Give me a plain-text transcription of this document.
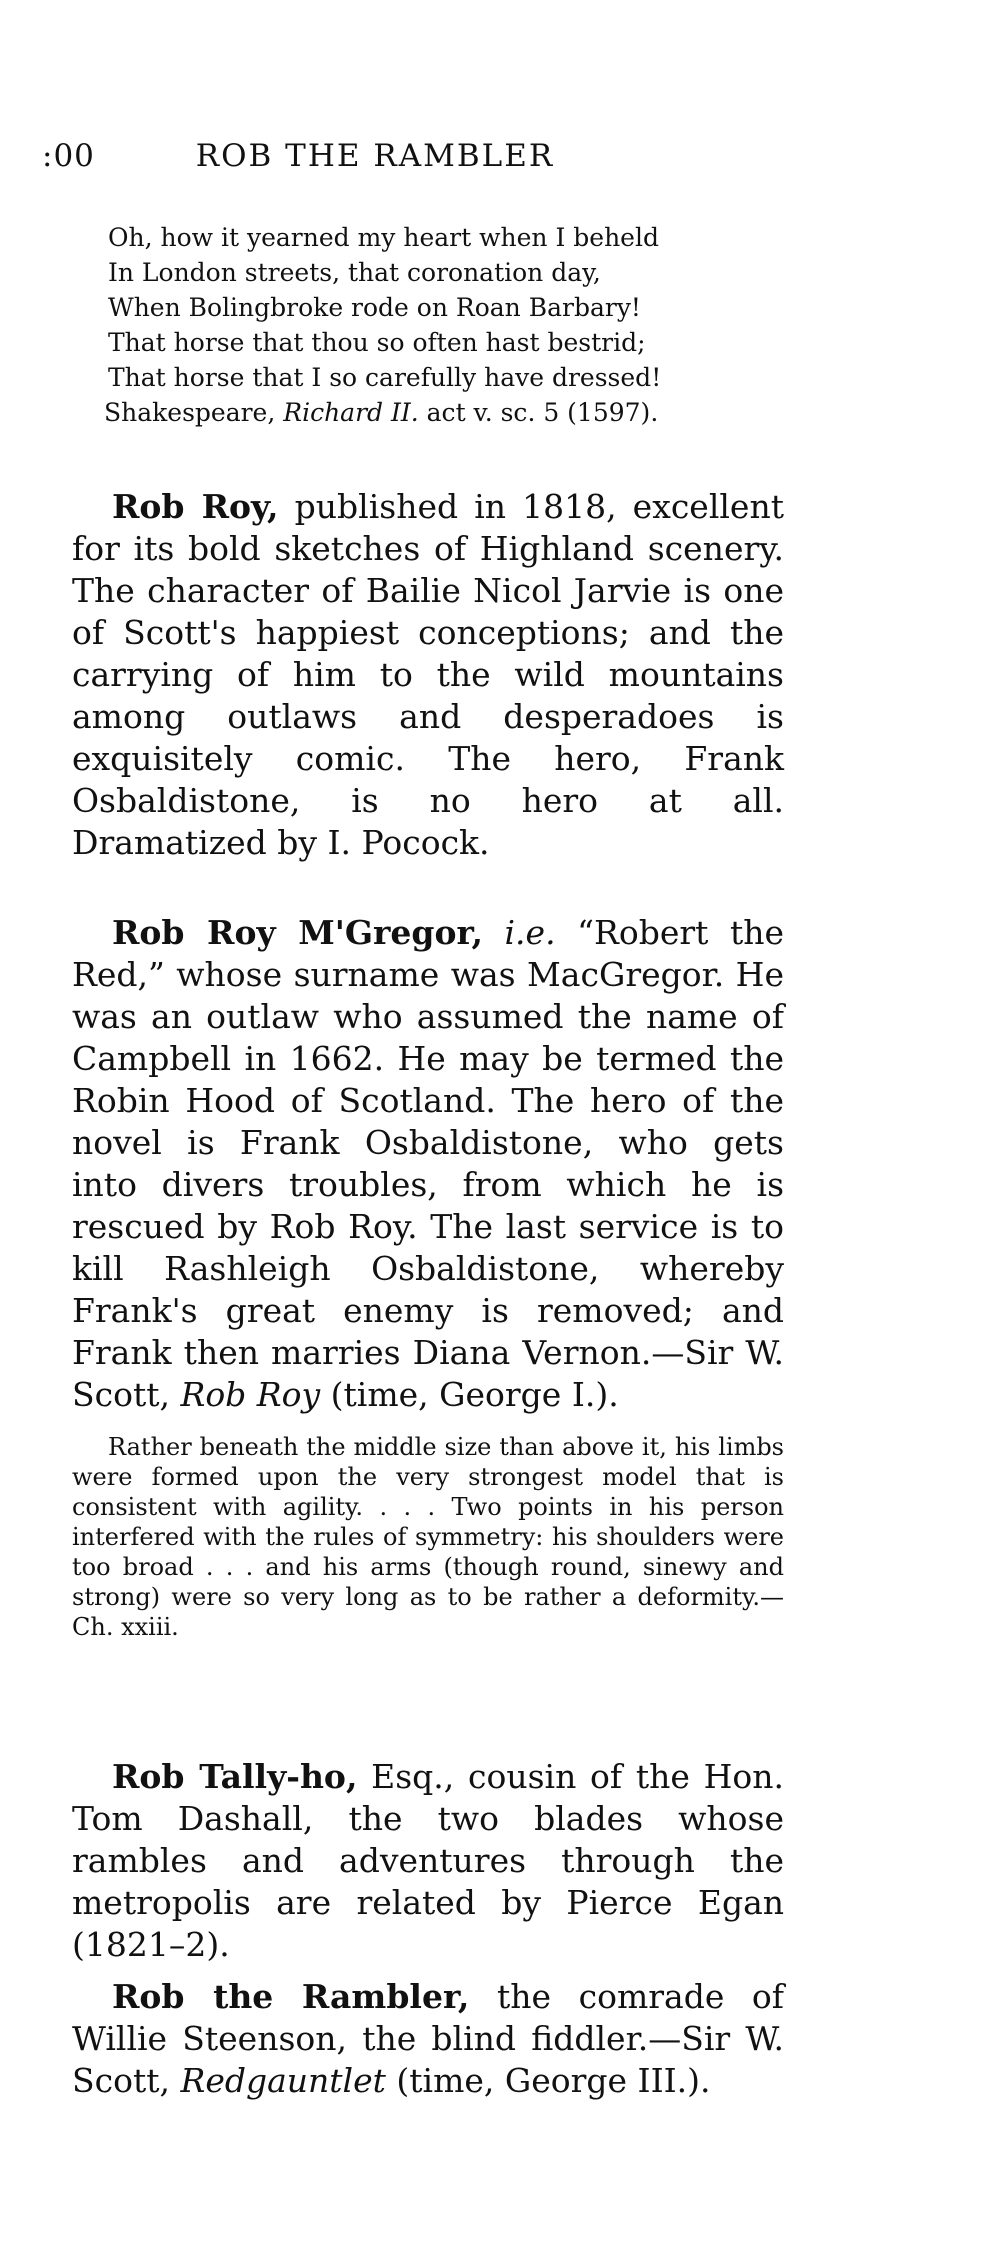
:00	ROB THE RAMBLER
Oh, how it yearned my heart when I beheld
In London streets, that coronation day,
When Bolingbroke rode on Roan Barbary!
That horse that thou so often hast bestrid;
That horse that I so carefully have dressed!
Shakespeare, Richard II. act v. sc. 5 (1597).

Rob Roy, published in 1818, excellent for its bold sketches of Highland scenery. The character of Bailie Nicol Jarvie is one of Scott's happiest conceptions; and the carrying of him to the wild mountains among outlaws and desperadoes is exquisitely comic. The hero, Frank Osbaldistone, is no hero at all. Dramatized by I. Pocock.

Rob Roy M'Gregor, i.e. “Robert the Red,” whose surname was MacGregor. He was an outlaw who assumed the name of Campbell in 1662. He may be termed the Robin Hood of Scotland. The hero of the novel is Frank Osbaldistone, who gets into divers troubles, from which he is rescued by Rob Roy. The last service is to kill Rashleigh Osbaldistone, whereby Frank's great enemy is removed; and Frank then marries Diana Vernon.—Sir W. Scott, Rob Roy (time, George I.).

Rather beneath the middle size than above it, his limbs were formed upon the very strongest model that is consistent with agility. . . . Two points in his person interfered with the rules of symmetry: his shoulders were too broad . . . and his arms (though round, sinewy and strong) were so very long as to be rather a deformity.—Ch. xxiii.

Rob Tally-ho, Esq., cousin of the Hon. Tom Dashall, the two blades whose rambles and adventures through the metropolis are related by Pierce Egan (1821–2).

Rob the Rambler, the comrade of Willie Steenson, the blind fiddler.—Sir W. Scott, Redgauntlet (time, George III.).
